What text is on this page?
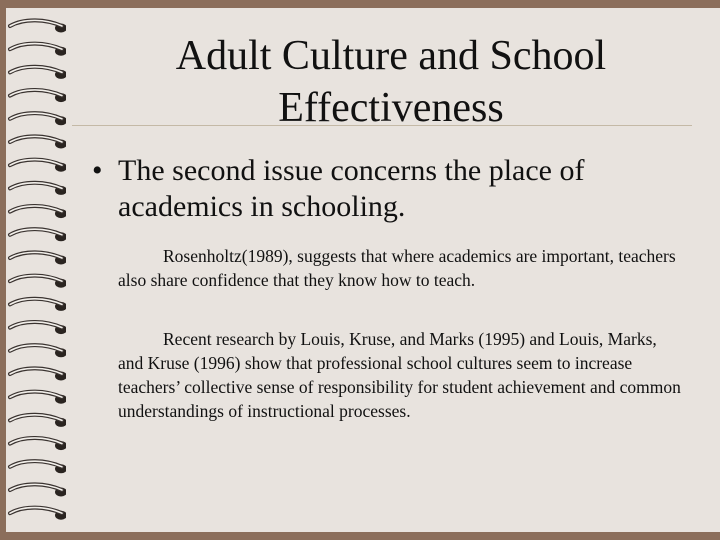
Adult Culture and School
Effectiveness
• The second issue concerns the place of academics in schooling.

Rosenholtz(1989), suggests that where academics are important, teachers also share confidence that they know how to teach.

Recent research by Louis, Kruse, and Marks (1995) and Louis, Marks, and Kruse (1996) show that professional school cultures seem to increase teachers’ collective sense of responsibility for student achievement and common understandings of instructional processes.
